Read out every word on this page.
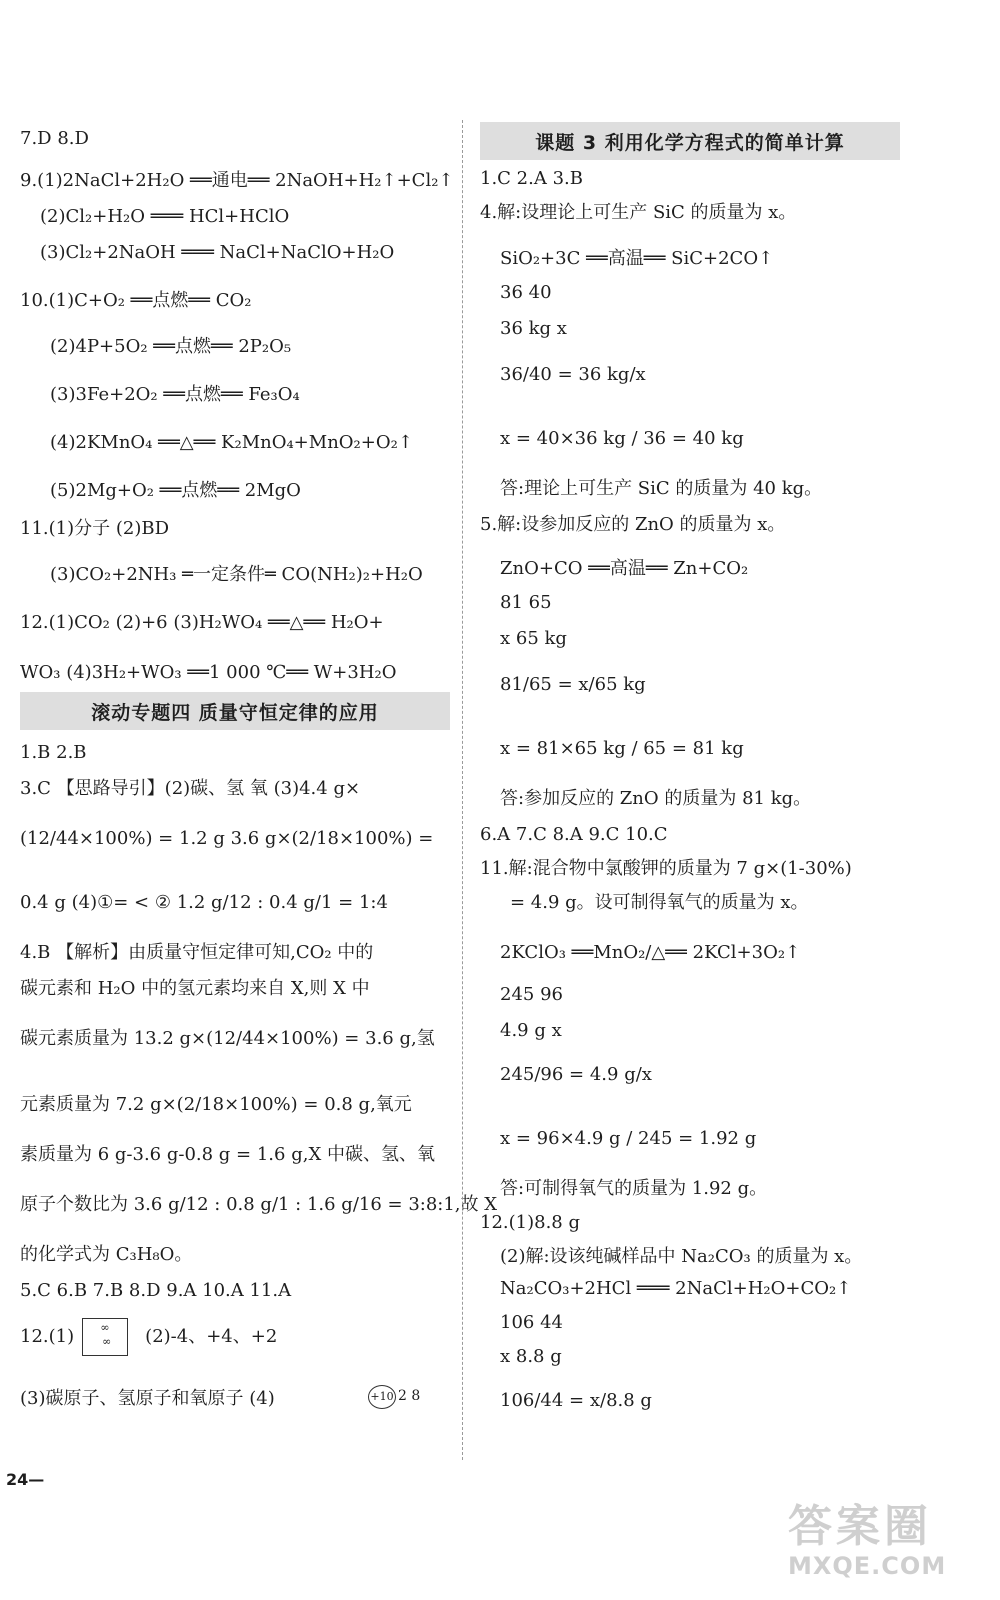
7.D 8.D
9.(1)2NaCl+2H₂O ══通电══ 2NaOH+H₂↑+Cl₂↑
(2)Cl₂+H₂O ═══ HCl+HClO
(3)Cl₂+2NaOH ═══ NaCl+NaClO+H₂O
10.(1)C+O₂ ══点燃══ CO₂
(2)4P+5O₂ ══点燃══ 2P₂O₅
(3)3Fe+2O₂ ══点燃══ Fe₃O₄
(4)2KMnO₄ ══△══ K₂MnO₄+MnO₂+O₂↑
(5)2Mg+O₂ ══点燃══ 2MgO
11.(1)分子 (2)BD
(3)CO₂+2NH₃ ═一定条件═ CO(NH₂)₂+H₂O
12.(1)CO₂ (2)+6 (3)H₂WO₄ ══△══ H₂O+
WO₃ (4)3H₂+WO₃ ══1 000 ℃══ W+3H₂O
滚动专题四 质量守恒定律的应用
1.B 2.B
3.C 【思路导引】(2)碳、氢 氧 (3)4.4 g×
(12/44×100%) = 1.2 g 3.6 g×(2/18×100%) =
0.4 g (4)①= < ② 1.2 g/12 : 0.4 g/1 = 1:4
4.B 【解析】由质量守恒定律可知,CO₂ 中的
碳元素和 H₂O 中的氢元素均来自 X,则 X 中
碳元素质量为 13.2 g×(12/44×100%) = 3.6 g,氢
元素质量为 7.2 g×(2/18×100%) = 0.8 g,氧元
素质量为 6 g-3.6 g-0.8 g = 1.6 g,X 中碳、氢、氧
原子个数比为 3.6 g/12 : 0.8 g/1 : 1.6 g/16 = 3:8:1,故 X
的化学式为 C₃H₈O。
5.C 6.B 7.B 8.D 9.A 10.A 11.A
12.(1)
(3)碳原子、氢原子和氧原子 (4)
∞
∞ (2)-4、+4、+2
+10 2 8
课题 3 利用化学方程式的简单计算
1.C 2.A 3.B
4.解:设理论上可生产 SiC 的质量为 x。
SiO₂+3C ══高温══ SiC+2CO↑
36 40
36 kg x
36/40 = 36 kg/x
x = 40×36 kg / 36 = 40 kg
答:理论上可生产 SiC 的质量为 40 kg。
5.解:设参加反应的 ZnO 的质量为 x。
ZnO+CO ══高温══ Zn+CO₂
81 65
x 65 kg
81/65 = x/65 kg
x = 81×65 kg / 65 = 81 kg
答:参加反应的 ZnO 的质量为 81 kg。
6.A 7.C 8.A 9.C 10.C
11.解:混合物中氯酸钾的质量为 7 g×(1-30%)
= 4.9 g。设可制得氧气的质量为 x。
2KClO₃ ══MnO₂/△══ 2KCl+3O₂↑
245 96
4.9 g x
245/96 = 4.9 g/x
x = 96×4.9 g / 245 = 1.92 g
答:可制得氧气的质量为 1.92 g。
12.(1)8.8 g
(2)解:设该纯碱样品中 Na₂CO₃ 的质量为 x。
Na₂CO₃+2HCl ═══ 2NaCl+H₂O+CO₂↑
106 44
x 8.8 g
106/44 = x/8.8 g
24—
答案圈
MXQE.COM
